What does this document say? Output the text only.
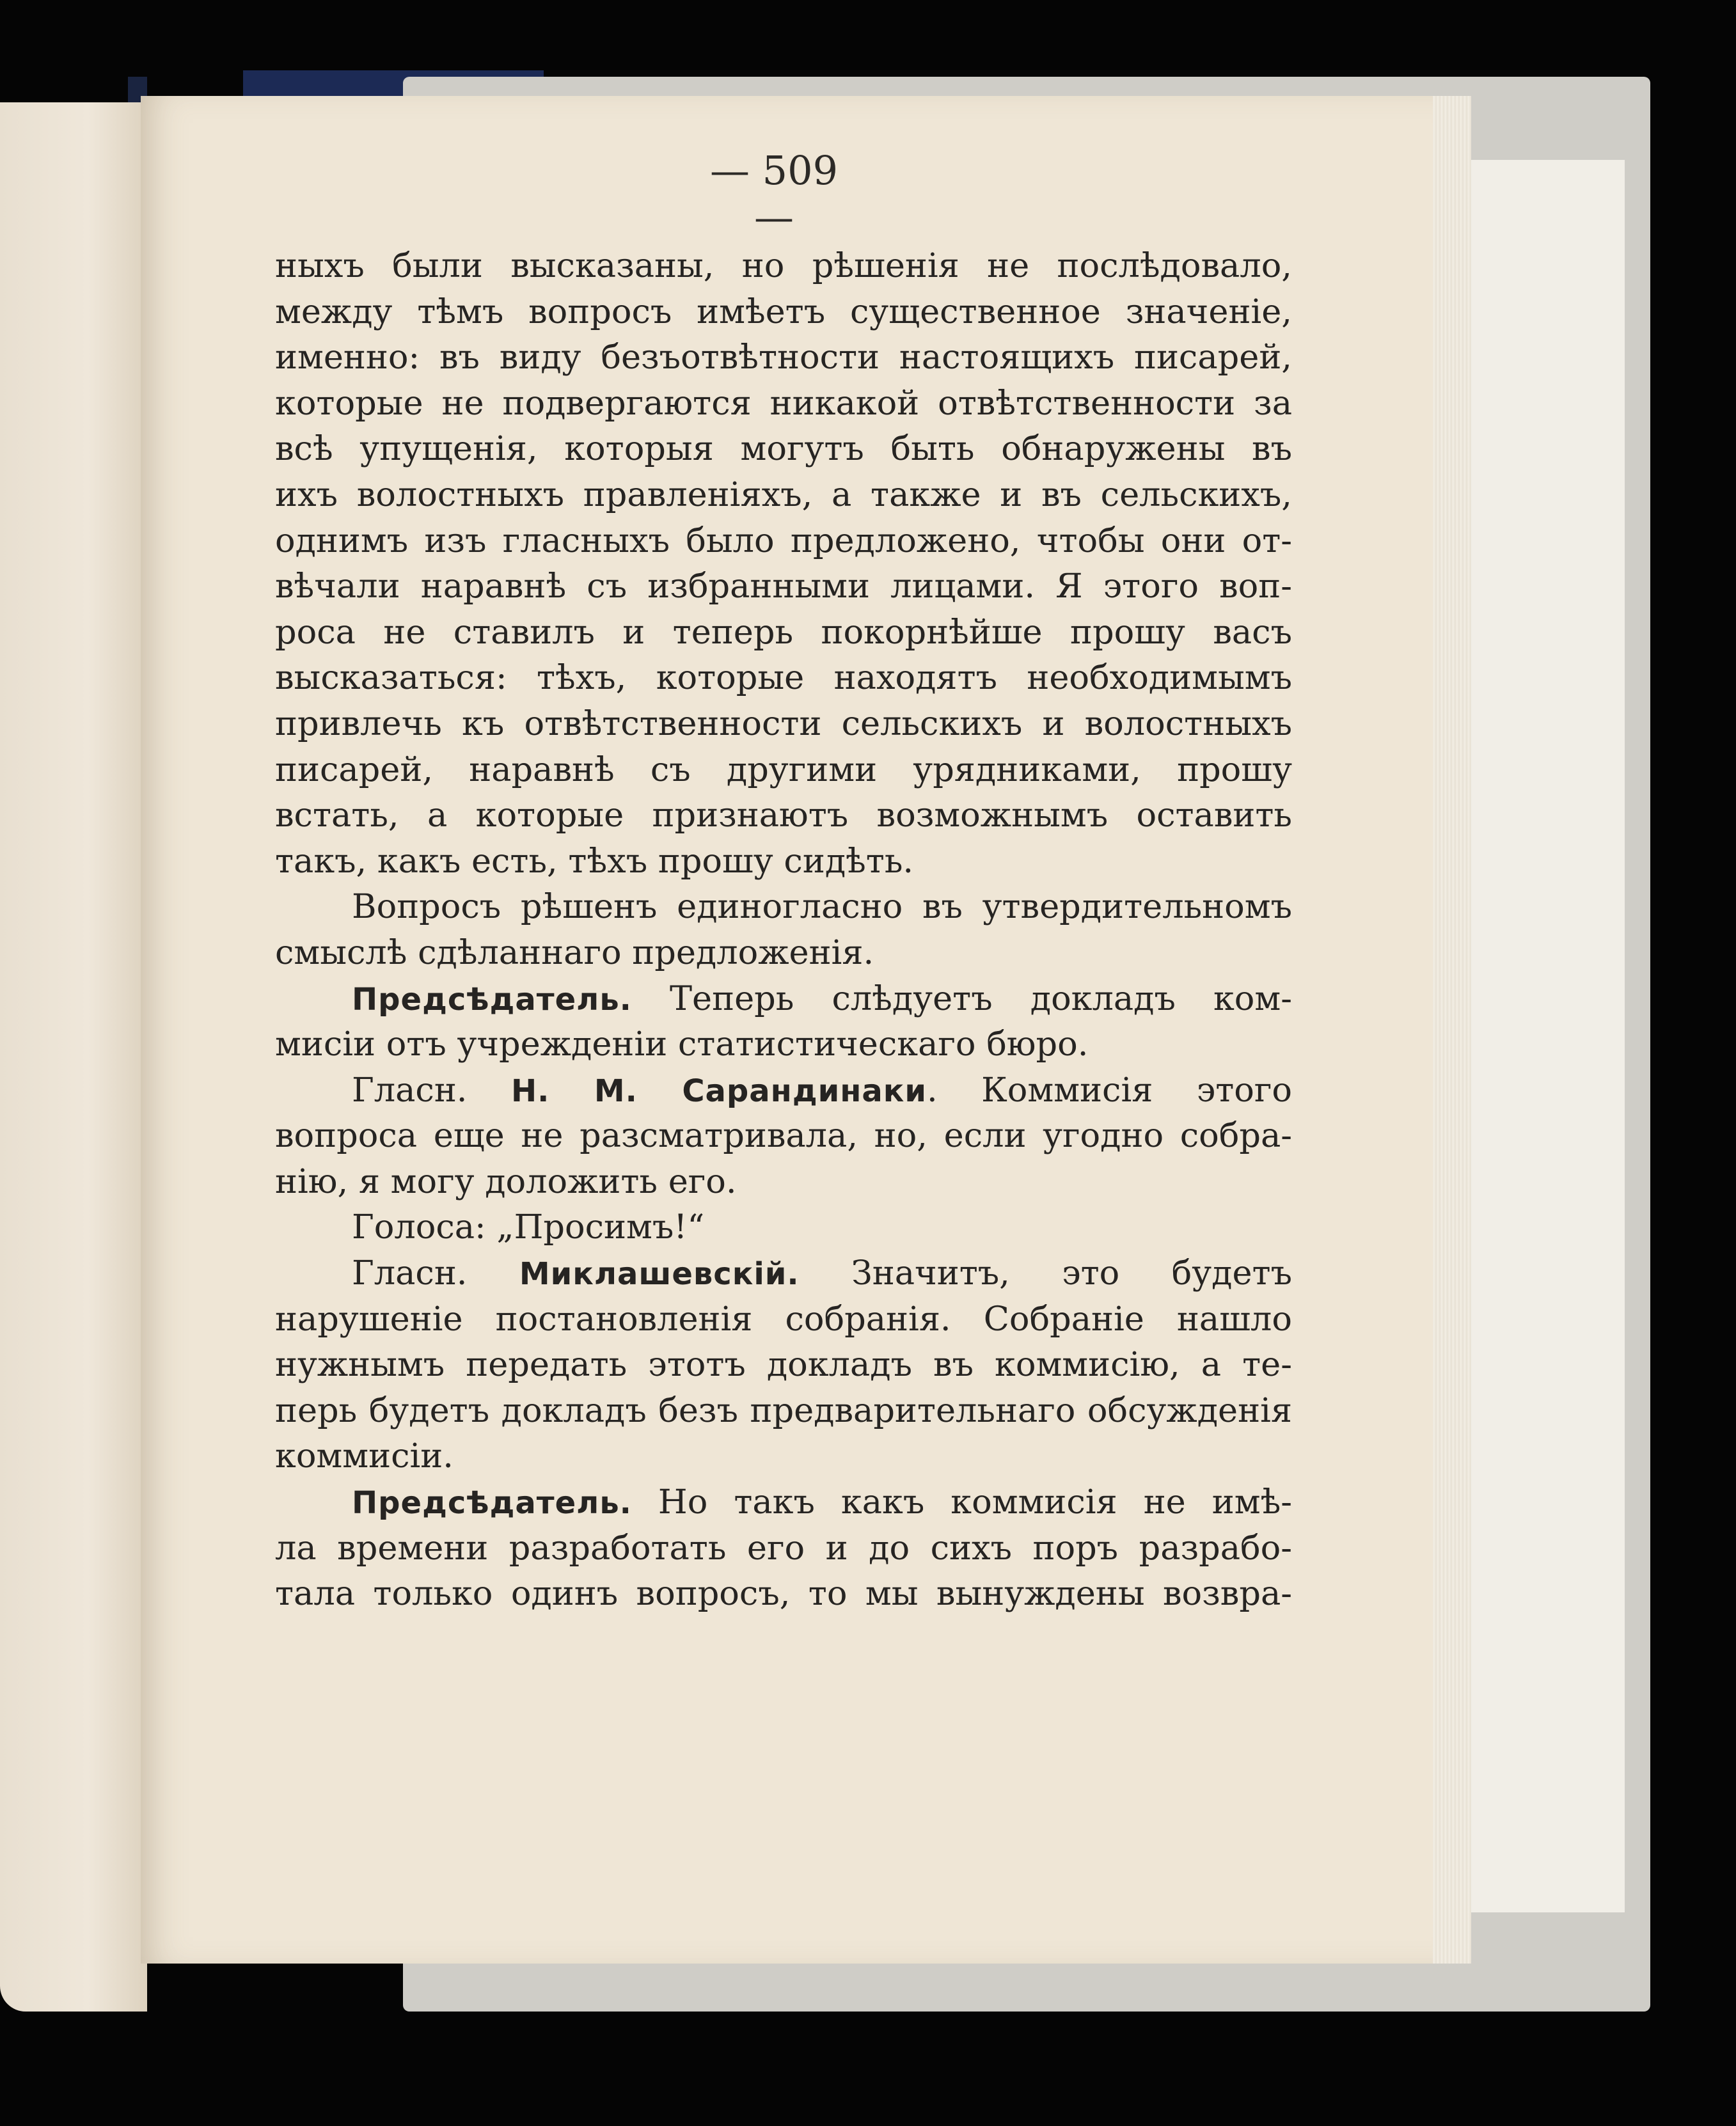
— 509 —
ныхъ были высказаны, но рѣшенія не послѣдовало,
между тѣмъ вопросъ имѣетъ существенное значеніе,
именно: въ виду безъотвѣтности настоящихъ писарей,
которые не подвергаются никакой отвѣтственности за
всѣ упущенія, которыя могутъ быть обнаружены въ
ихъ волостныхъ правленіяхъ, а также и въ сельскихъ,
однимъ изъ гласныхъ было предложено, чтобы они от-
вѣчали наравнѣ съ избранными лицами. Я этого воп-
роса не ставилъ и теперь покорнѣйше прошу васъ
высказаться: тѣхъ, которые находятъ необходимымъ
привлечь къ отвѣтственности сельскихъ и волостныхъ
писарей, наравнѣ съ другими урядниками, прошу
встать, а которые признаютъ возможнымъ оставить
такъ, какъ есть, тѣхъ прошу сидѣть.
Вопросъ рѣшенъ единогласно въ утвердительномъ
смыслѣ сдѣланнаго предложенія.
Предсѣдатель. Теперь слѣдуетъ докладъ ком-
мисіи отъ учрежденіи статистическаго бюро.
Гласн. Н. М. Сарандинаки. Коммисія этого
вопроса еще не разсматривала, но, если угодно собра-
нію, я могу доложить его.
Голоса: „Просимъ!“
Гласн. Миклашевскій. Значитъ, это будетъ
нарушеніе постановленія собранія. Собраніе нашло
нужнымъ передать этотъ докладъ въ коммисію, а те-
перь будетъ докладъ безъ предварительнаго обсужденія
коммисіи.
Предсѣдатель. Но такъ какъ коммисія не имѣ-
ла времени разработать его и до сихъ поръ разрабо-
тала только одинъ вопросъ, то мы вынуждены возвра-
